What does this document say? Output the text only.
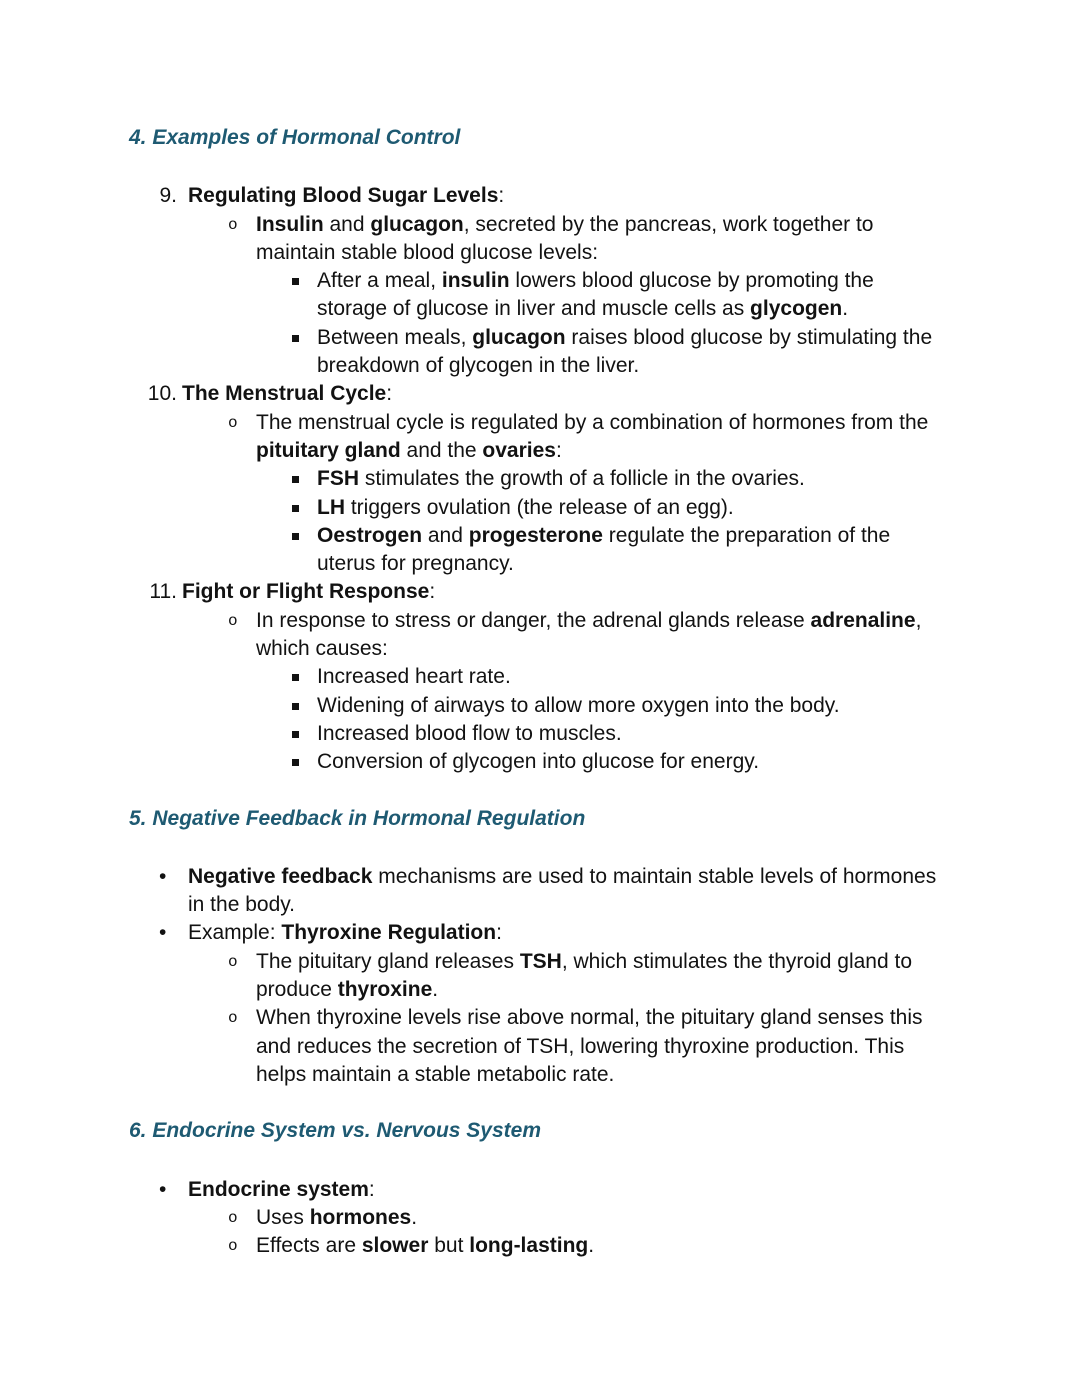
4. Examples of Hormonal Control
9. Regulating Blood Sugar Levels:
o Insulin and glucagon, secreted by the pancreas, work together to
maintain stable blood glucose levels:
After a meal, insulin lowers blood glucose by promoting the
storage of glucose in liver and muscle cells as glycogen.
Between meals, glucagon raises blood glucose by stimulating the
breakdown of glycogen in the liver.
10. The Menstrual Cycle:
o The menstrual cycle is regulated by a combination of hormones from the
pituitary gland and the ovaries:
FSH stimulates the growth of a follicle in the ovaries.
LH triggers ovulation (the release of an egg).
Oestrogen and progesterone regulate the preparation of the
uterus for pregnancy.
11. Fight or Flight Response:
o In response to stress or danger, the adrenal glands release adrenaline,
which causes:
Increased heart rate.
Widening of airways to allow more oxygen into the body.
Increased blood flow to muscles.
Conversion of glycogen into glucose for energy.
5. Negative Feedback in Hormonal Regulation
• Negative feedback mechanisms are used to maintain stable levels of hormones
in the body.
• Example: Thyroxine Regulation:
o The pituitary gland releases TSH, which stimulates the thyroid gland to
produce thyroxine.
o When thyroxine levels rise above normal, the pituitary gland senses this
and reduces the secretion of TSH, lowering thyroxine production. This
helps maintain a stable metabolic rate.
6. Endocrine System vs. Nervous System
• Endocrine system:
o Uses hormones.
o Effects are slower but long-lasting.
